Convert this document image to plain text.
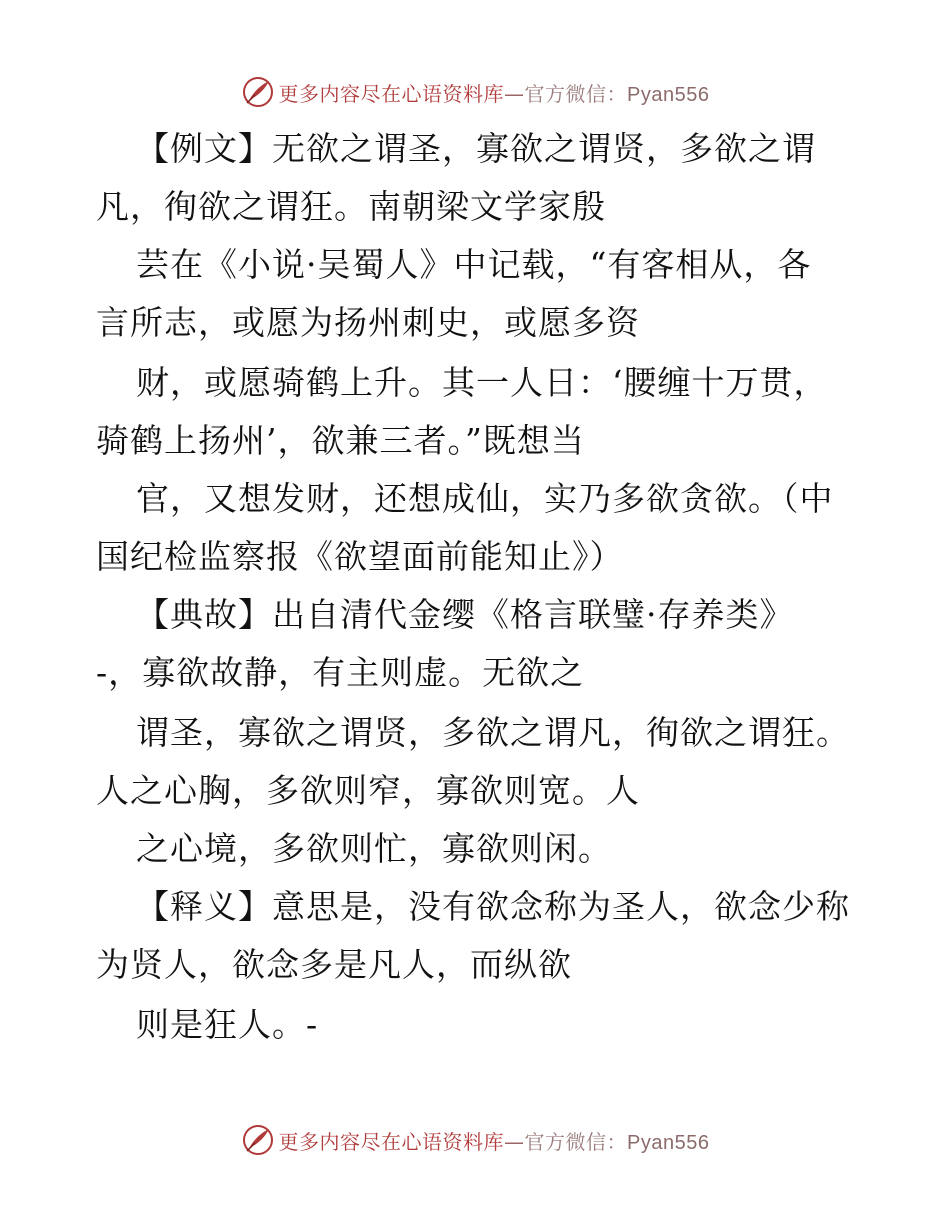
更多内容尽在心语资料库—官方微信：Pyan556
【例文】无欲之谓圣，寡欲之谓贤，多欲之谓
凡，徇欲之谓狂。南朝梁文学家殷
芸在《小说·吴蜀人》中记载，“有客相从，各
言所志，或愿为扬州刺史，或愿多资
财，或愿骑鹤上升。其一人日：‘腰缠十万贯，
骑鹤上扬州’，欲兼三者。”既想当
官，又想发财，还想成仙，实乃多欲贪欲。（中
国纪检监察报《欲望面前能知止》）
【典故】出自清代金缨《格言联璧·存养类》
-，寡欲故静，有主则虚。无欲之
谓圣，寡欲之谓贤，多欲之谓凡，徇欲之谓狂。
人之心胸，多欲则窄，寡欲则宽。人
之心境，多欲则忙，寡欲则闲。
【释义】意思是，没有欲念称为圣人，欲念少称
为贤人，欲念多是凡人，而纵欲
则是狂人。-
更多内容尽在心语资料库—官方微信：Pyan556
